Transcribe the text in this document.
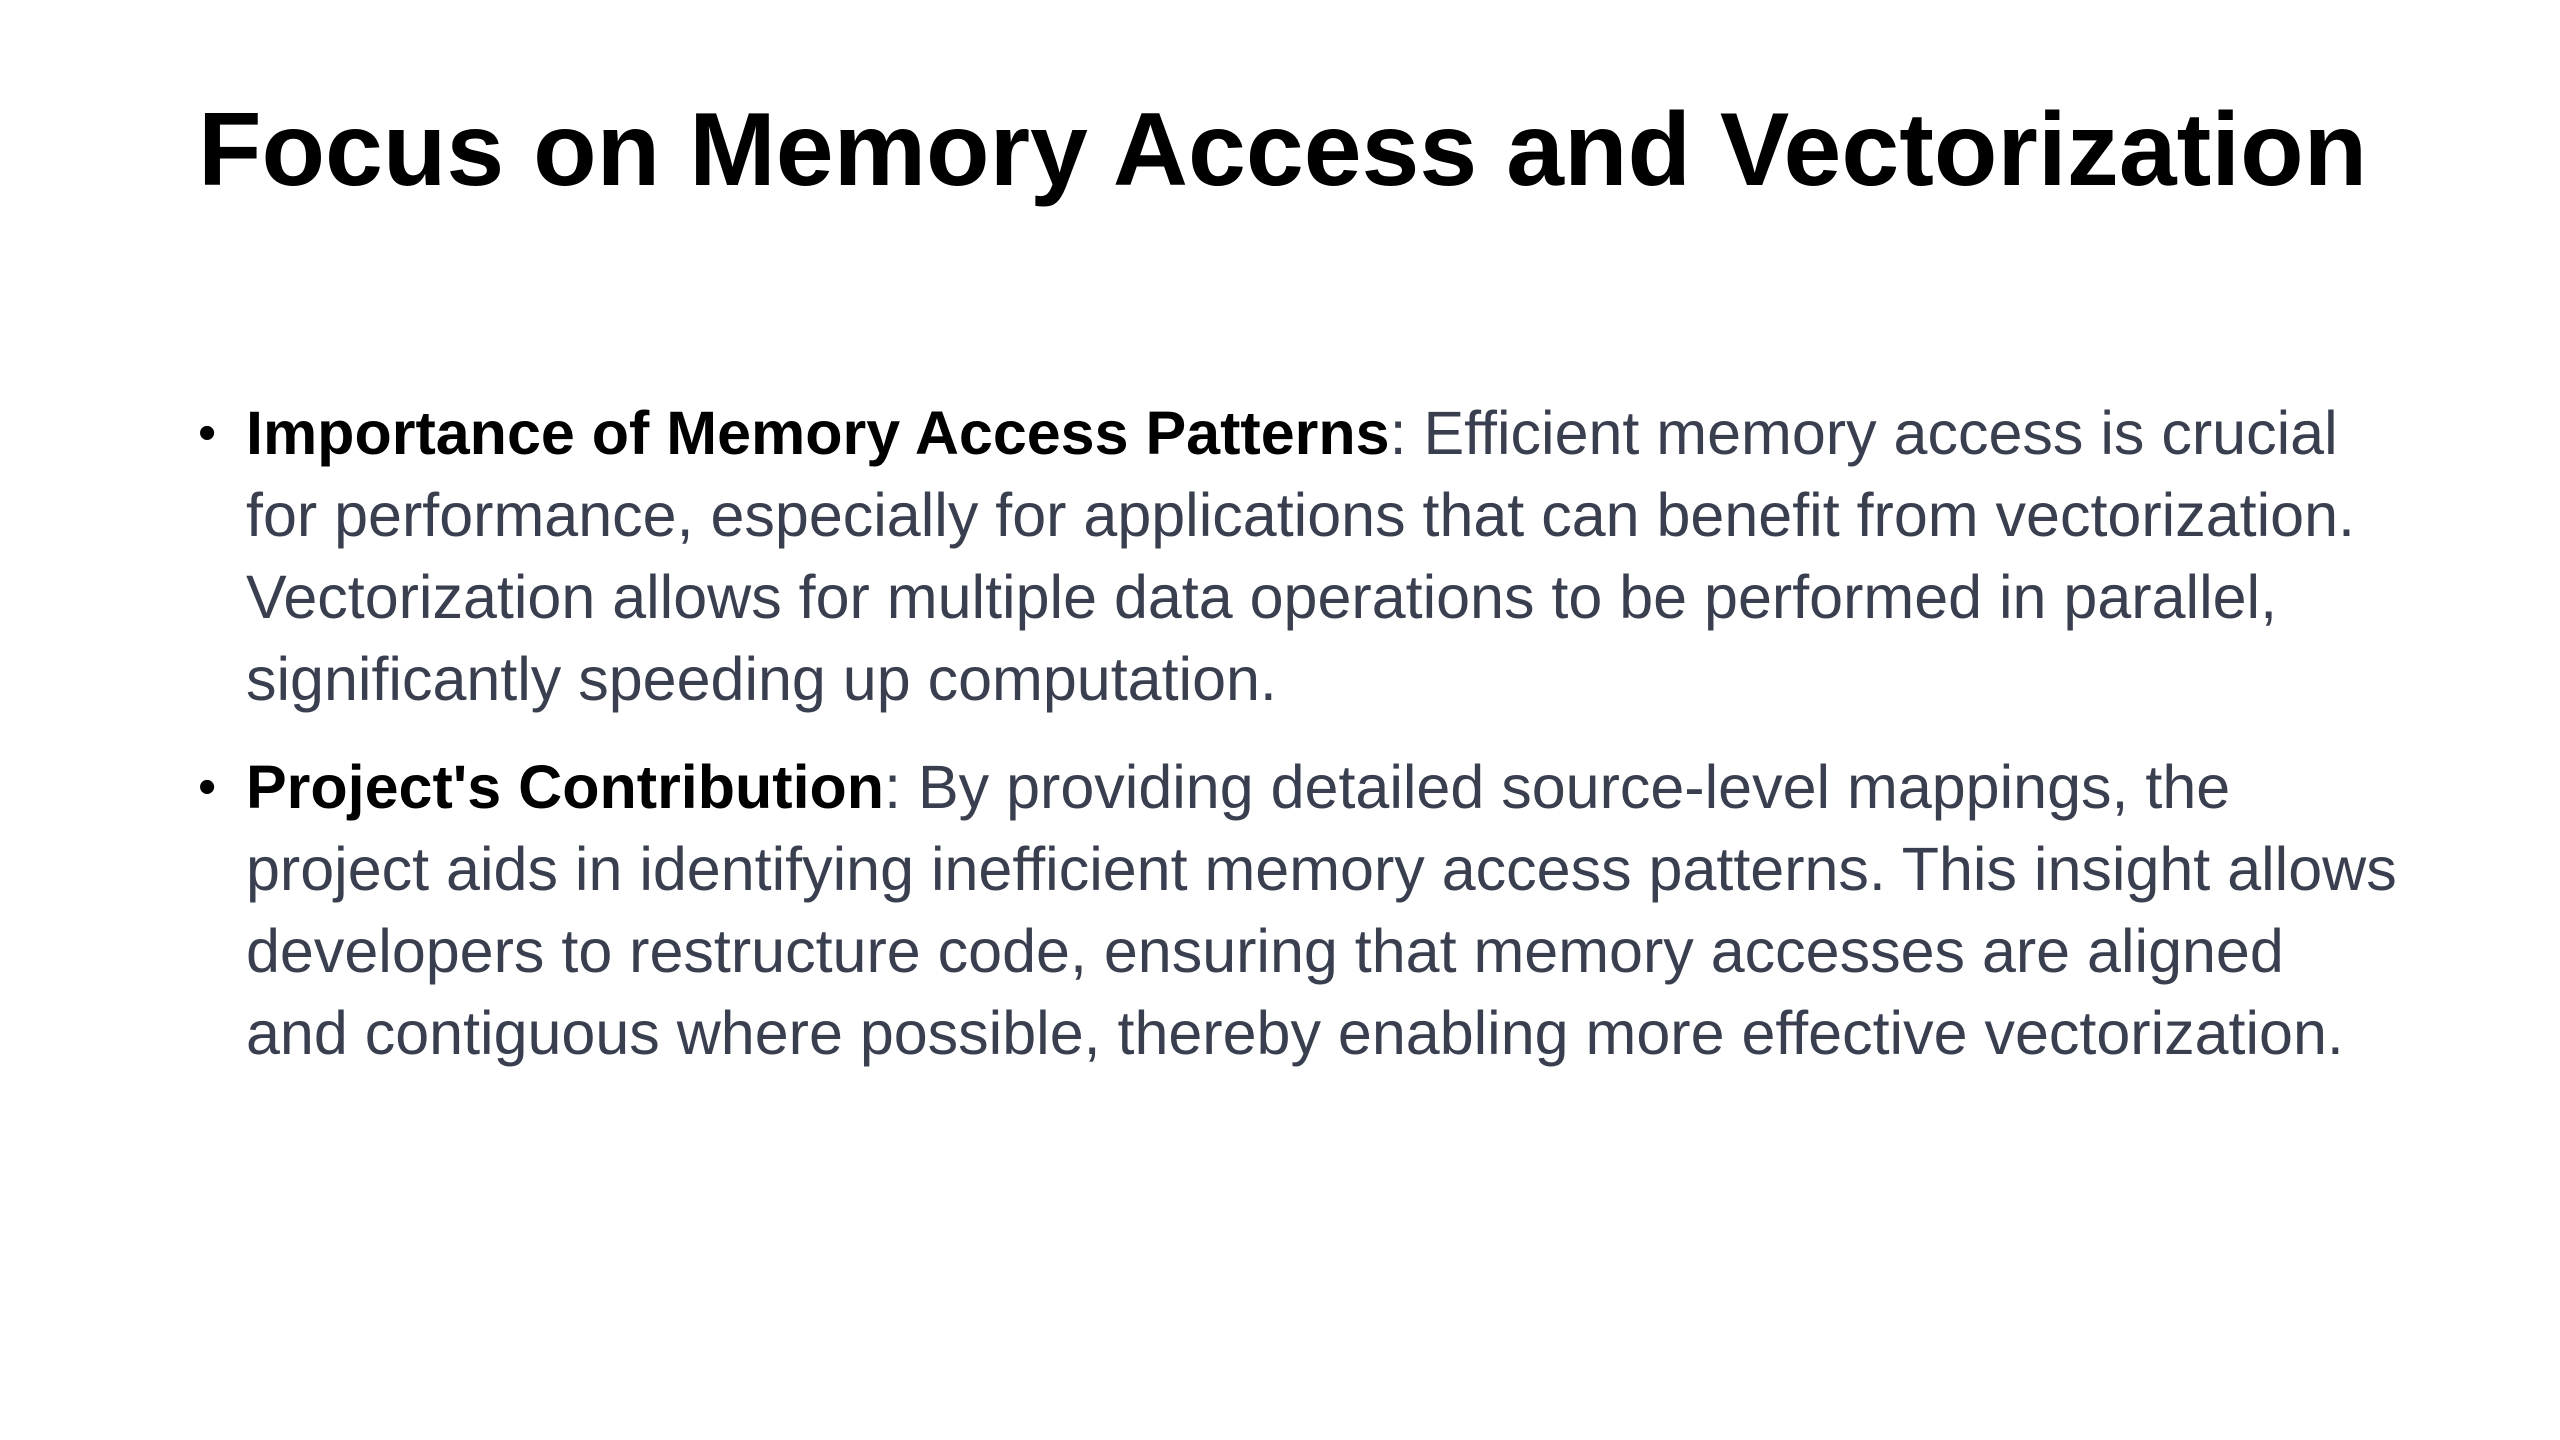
Focus on Memory Access and Vectorization
• Importance of Memory Access Patterns: Efficient memory access is crucial for performance, especially for applications that can benefit from vectorization. Vectorization allows for multiple data operations to be performed in parallel, significantly speeding up computation.
• Project's Contribution: By providing detailed source-level mappings, the project aids in identifying inefficient memory access patterns. This insight allows developers to restructure code, ensuring that memory accesses are aligned and contiguous where possible, thereby enabling more effective vectorization.
